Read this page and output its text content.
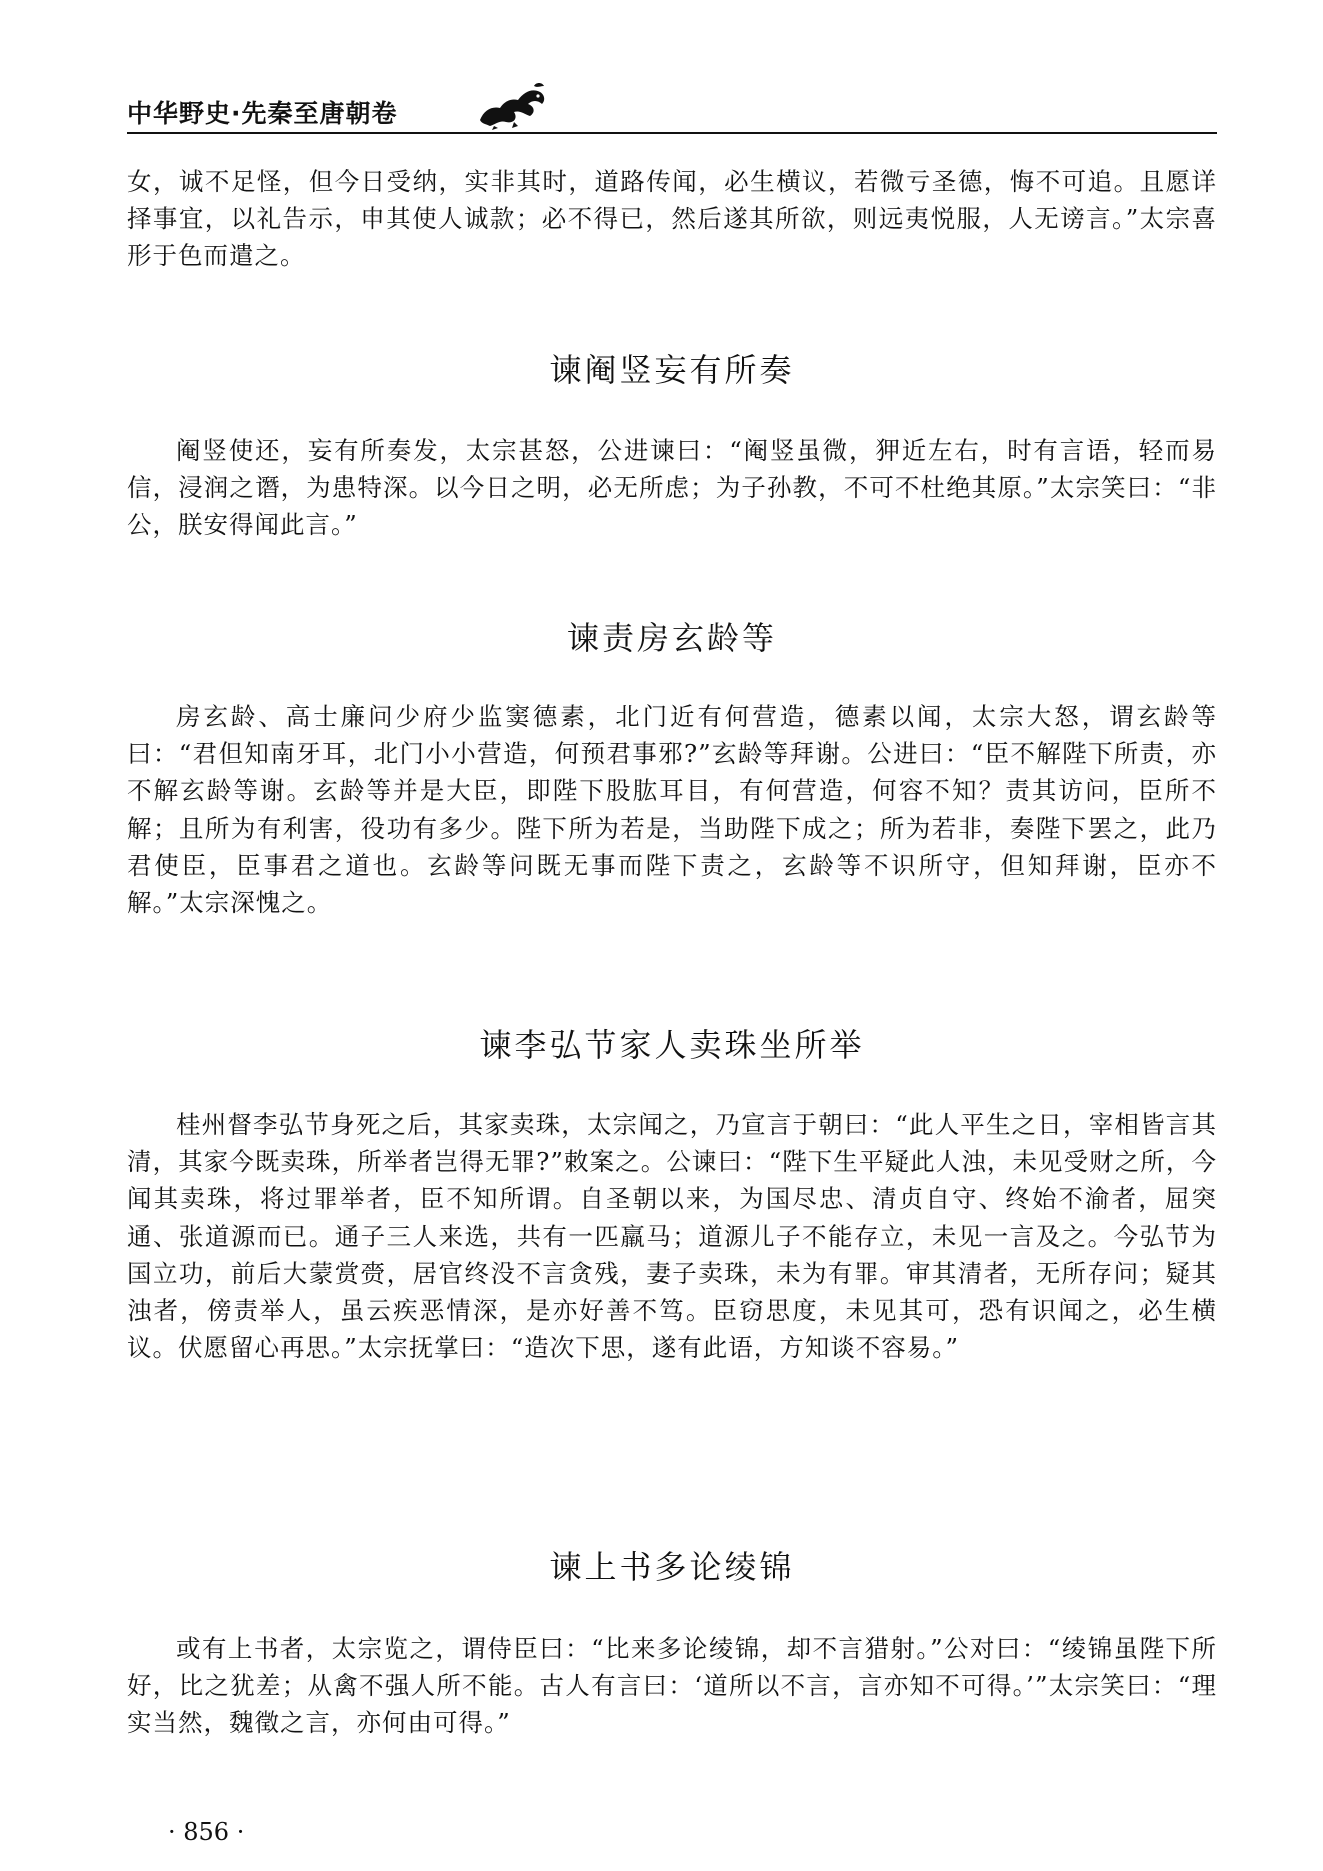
中华野史·先秦至唐朝卷
女，诚不足怪，但今日受纳，实非其时，道路传闻，必生横议，若微亏圣德，悔不可追。且愿详择事宜，以礼告示，申其使人诚款；必不得已，然后遂其所欲，则远夷悦服，人无谤言。”太宗喜形于色而遣之。
谏阉竖妄有所奏
阉竖使还，妄有所奏发，太宗甚怒，公进谏曰：“阉竖虽微，狎近左右，时有言语，轻而易信，浸润之谮，为患特深。以今日之明，必无所虑；为子孙教，不可不杜绝其原。”太宗笑曰：“非公，朕安得闻此言。”
谏责房玄龄等
房玄龄、高士廉问少府少监窦德素，北门近有何营造，德素以闻，太宗大怒，谓玄龄等曰：“君但知南牙耳，北门小小营造，何预君事邪?”玄龄等拜谢。公进曰：“臣不解陛下所责，亦不解玄龄等谢。玄龄等并是大臣，即陛下股肱耳目，有何营造，何容不知？责其访问，臣所不解；且所为有利害，役功有多少。陛下所为若是，当助陛下成之；所为若非，奏陛下罢之，此乃君使臣，臣事君之道也。玄龄等问既无事而陛下责之，玄龄等不识所守，但知拜谢，臣亦不解。”太宗深愧之。
谏李弘节家人卖珠坐所举
桂州督李弘节身死之后，其家卖珠，太宗闻之，乃宣言于朝曰：“此人平生之日，宰相皆言其清，其家今既卖珠，所举者岂得无罪?”敕案之。公谏曰：“陛下生平疑此人浊，未见受财之所，今闻其卖珠，将过罪举者，臣不知所谓。自圣朝以来，为国尽忠、清贞自守、终始不渝者，屈突通、张道源而已。通子三人来选，共有一匹羸马；道源儿子不能存立，未见一言及之。今弘节为国立功，前后大蒙赏赍，居官终没不言贪残，妻子卖珠，未为有罪。审其清者，无所存问；疑其浊者，傍责举人，虽云疾恶情深，是亦好善不笃。臣窃思度，未见其可，恐有识闻之，必生横议。伏愿留心再思。”太宗抚掌曰：“造次下思，遂有此语，方知谈不容易。”
谏上书多论绫锦
或有上书者，太宗览之，谓侍臣曰：“比来多论绫锦，却不言猎射。”公对曰：“绫锦虽陛下所好，比之犹差；从禽不强人所不能。古人有言曰：‘道所以不言，言亦知不可得。’”太宗笑曰：“理实当然，魏徵之言，亦何由可得。”
· 856 ·
